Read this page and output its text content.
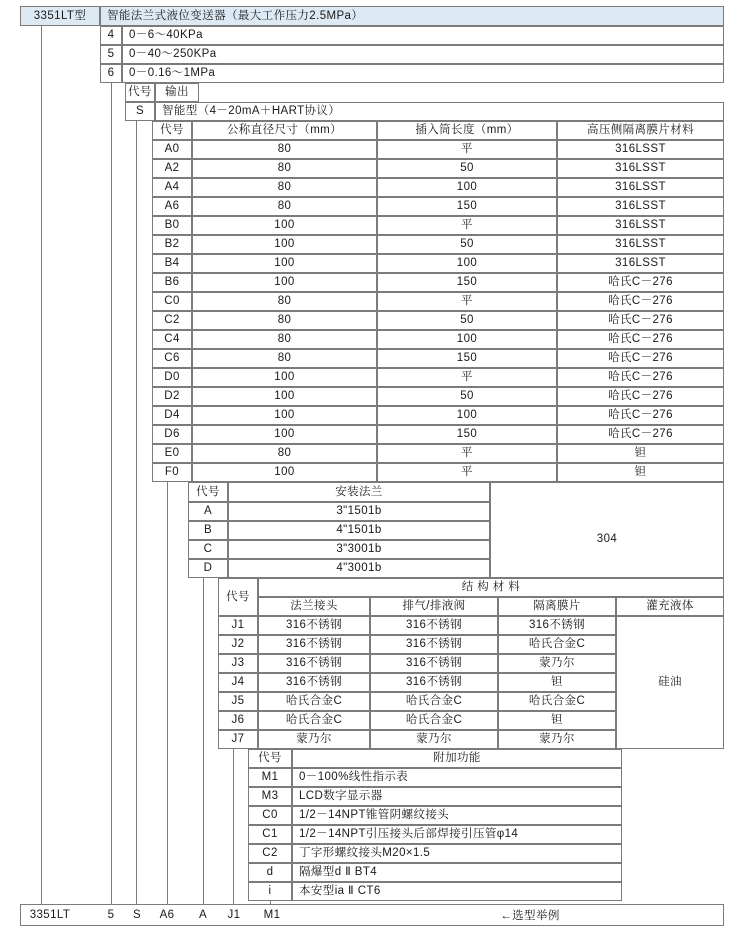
3351LT型	智能法兰式液位变送器（最大工作压力2.5MPa）
4	0－6～40KPa
5	0－40～250KPa
6	0－0.16～1MPa
代号	输出
S	智能型（4－20mA＋HART协议）
代号	公称直径尺寸（mm）	插入筒长度（mm）	高压侧隔离膜片材料
A0	80	平	316LSST
A2	80	50	316LSST
A4	80	100	316LSST
A6	80	150	316LSST
B0	100	平	316LSST
B2	100	50	316LSST
B4	100	100	316LSST
B6	100	150	哈氏C－276
C0	80	平	哈氏C－276
C2	80	50	哈氏C－276
C4	80	100	哈氏C－276
C6	80	150	哈氏C－276
D0	100	平	哈氏C－276
D2	100	50	哈氏C－276
D4	100	100	哈氏C－276
D6	100	150	哈氏C－276
E0	80	平	钽
F0	100	平	钽
代号	安装法兰
A	3"1501b
B	4"1501b
C	3"3001b
D	4"3001b
304
代号
结 构 材 料
法兰接头	排气/排液阀	隔离膜片	灌充液体
J1	316不锈钢	316不锈钢	316不锈钢
J2	316不锈钢	316不锈钢	哈氏合金C
J3	316不锈钢	316不锈钢	蒙乃尔
J4	316不锈钢	316不锈钢	钽
J5	哈氏合金C	哈氏合金C	哈氏合金C
J6	哈氏合金C	哈氏合金C	钽
J7	蒙乃尔	蒙乃尔	蒙乃尔
硅油
代号	附加功能
M1	0－100%线性指示表
M3	LCD数字显示器
C0	1/2－14NPT锥管阴螺纹接头
C1	1/2－14NPT引压接头后部焊接引压管φ14
C2	丁字形螺纹接头M20×1.5
d	隔爆型d Ⅱ BT4
i	本安型ia Ⅱ CT6
3351LT	5	S	A6	A	J1	M1	←选型举例
